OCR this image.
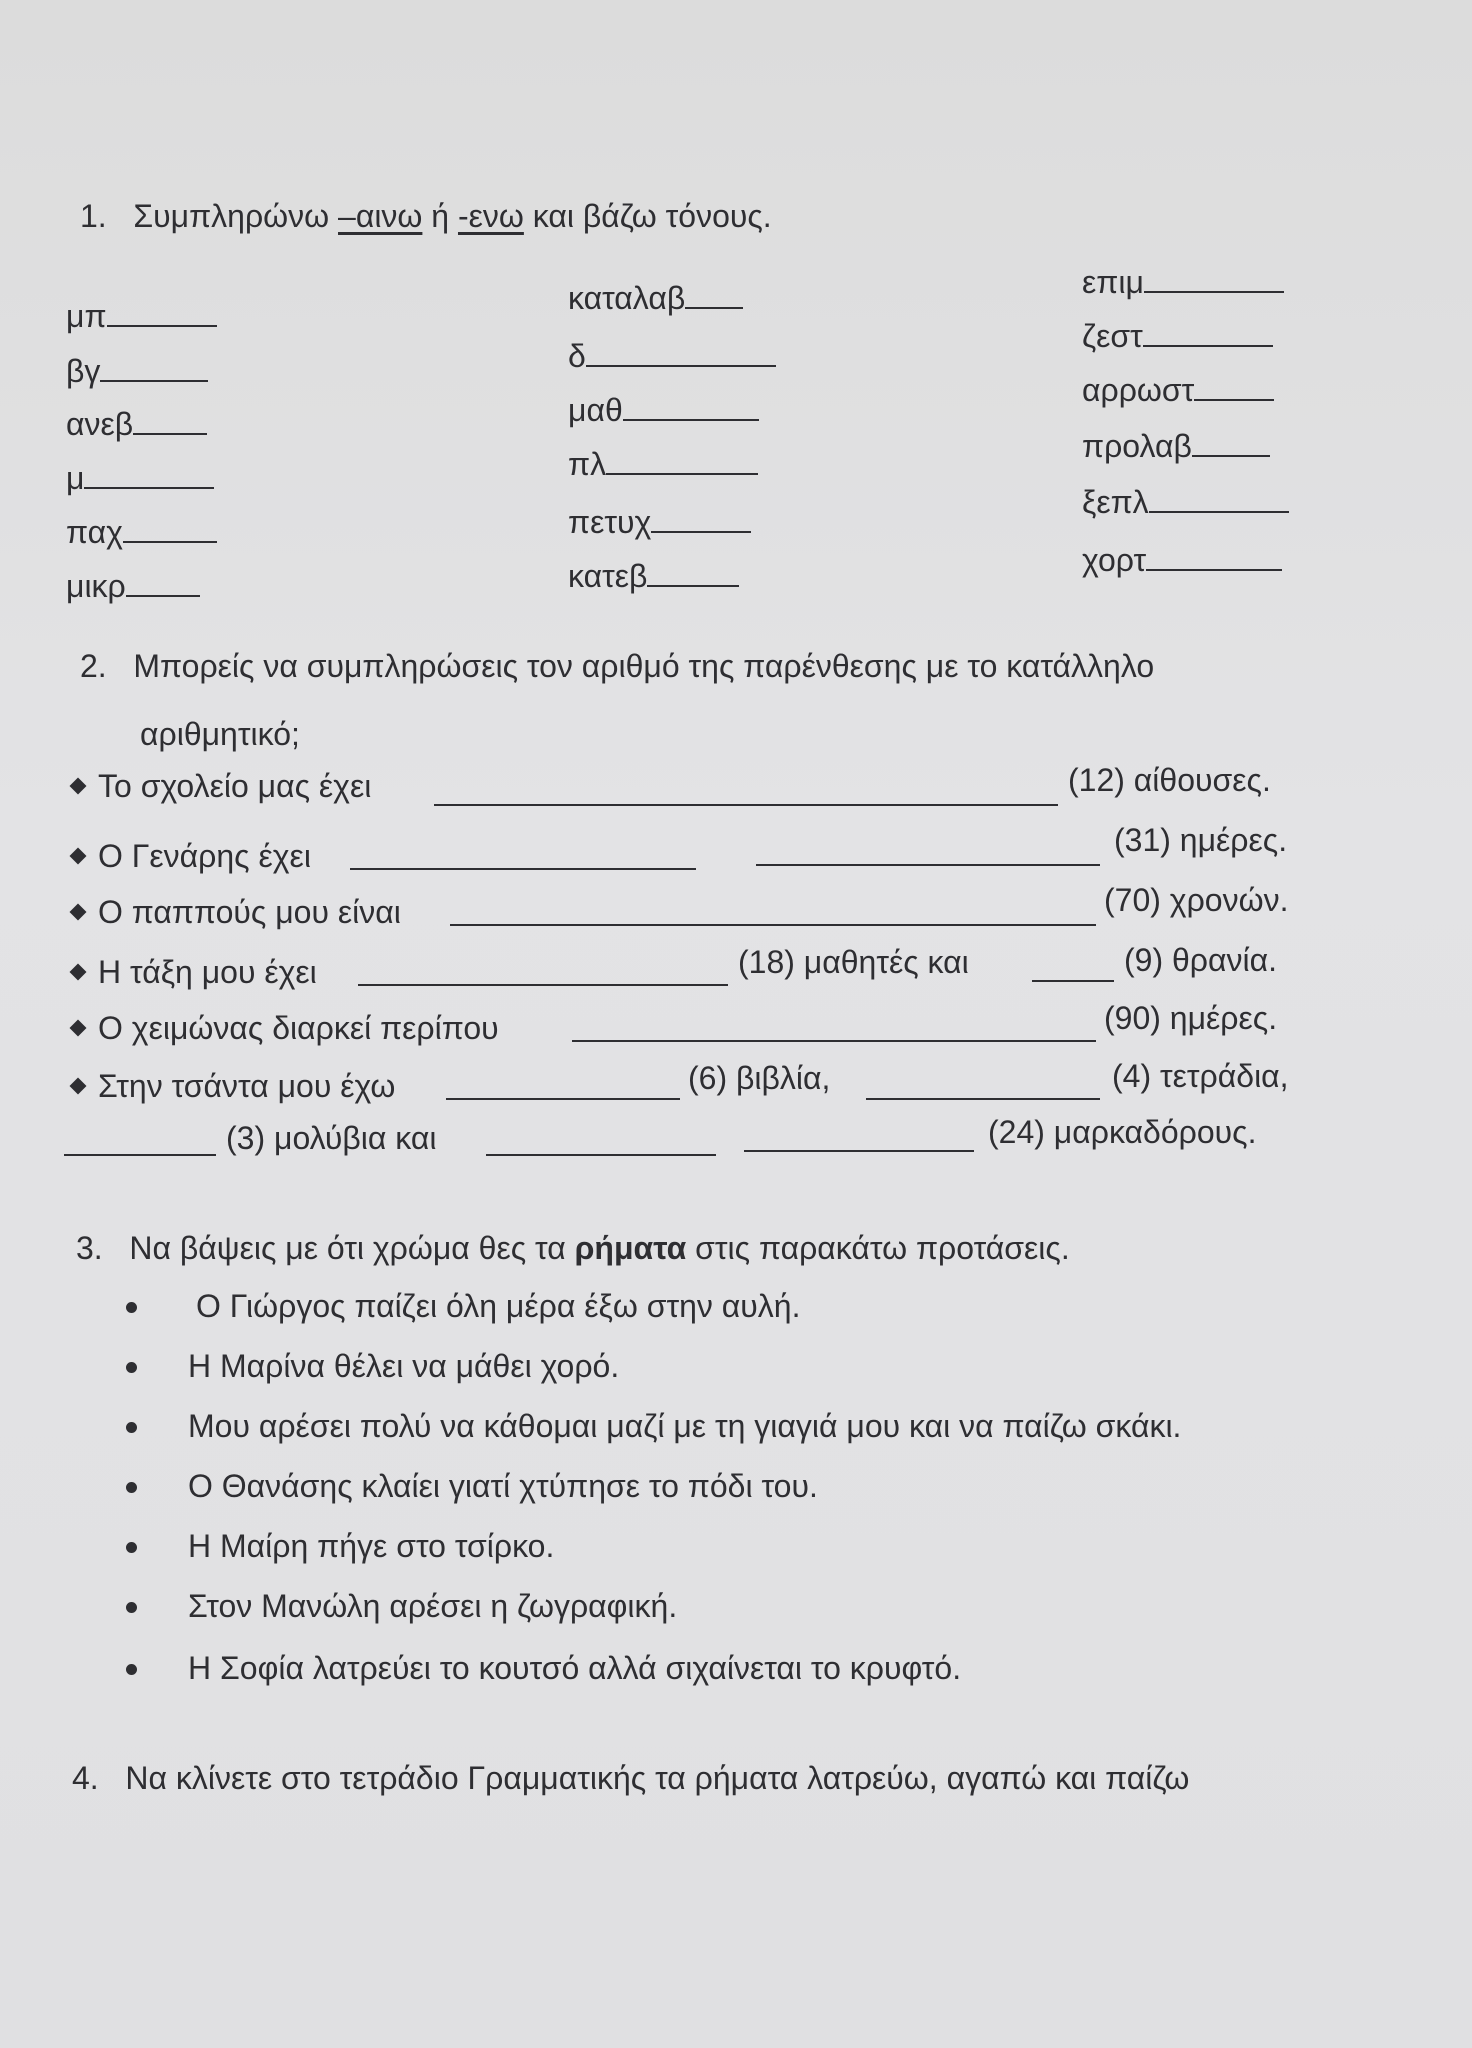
1. Συμπληρώνω –αινω ή -ενω και βάζω τόνους.
μπ
βγ
ανεβ
μ
παχ
μικρ
καταλαβ
δ
μαθ
πλ
πετυχ
κατεβ
επιμ
ζεστ
αρρωστ
προλαβ
ξεπλ
χορτ
2. Μπορείς να συμπληρώσεις τον αριθμό της παρένθεσης με το κατάλληλο
αριθμητικό;
Το σχολείο μας έχει	(12) αίθουσες.
Ο Γενάρης έχει	(31) ημέρες.
Ο παππούς μου είναι	(70) χρονών.
Η τάξη μου έχει	(18) μαθητές και	(9) θρανία.
Ο χειμώνας διαρκεί περίπου	(90) ημέρες.
Στην τσάντα μου έχω	(6) βιβλία,	(4) τετράδια,
(3) μολύβια και	(24) μαρκαδόρους.
3. Να βάψεις με ότι χρώμα θες τα ρήματα στις παρακάτω προτάσεις.
Ο Γιώργος παίζει όλη μέρα έξω στην αυλή.
Η Μαρίνα θέλει να μάθει χορό.
Μου αρέσει πολύ να κάθομαι μαζί με τη γιαγιά μου και να παίζω σκάκι.
Ο Θανάσης κλαίει γιατί χτύπησε το πόδι του.
Η Μαίρη πήγε στο τσίρκο.
Στον Μανώλη αρέσει η ζωγραφική.
Η Σοφία λατρεύει το κουτσό αλλά σιχαίνεται το κρυφτό.
4. Να κλίνετε στο τετράδιο Γραμματικής τα ρήματα λατρεύω, αγαπώ και παίζω
